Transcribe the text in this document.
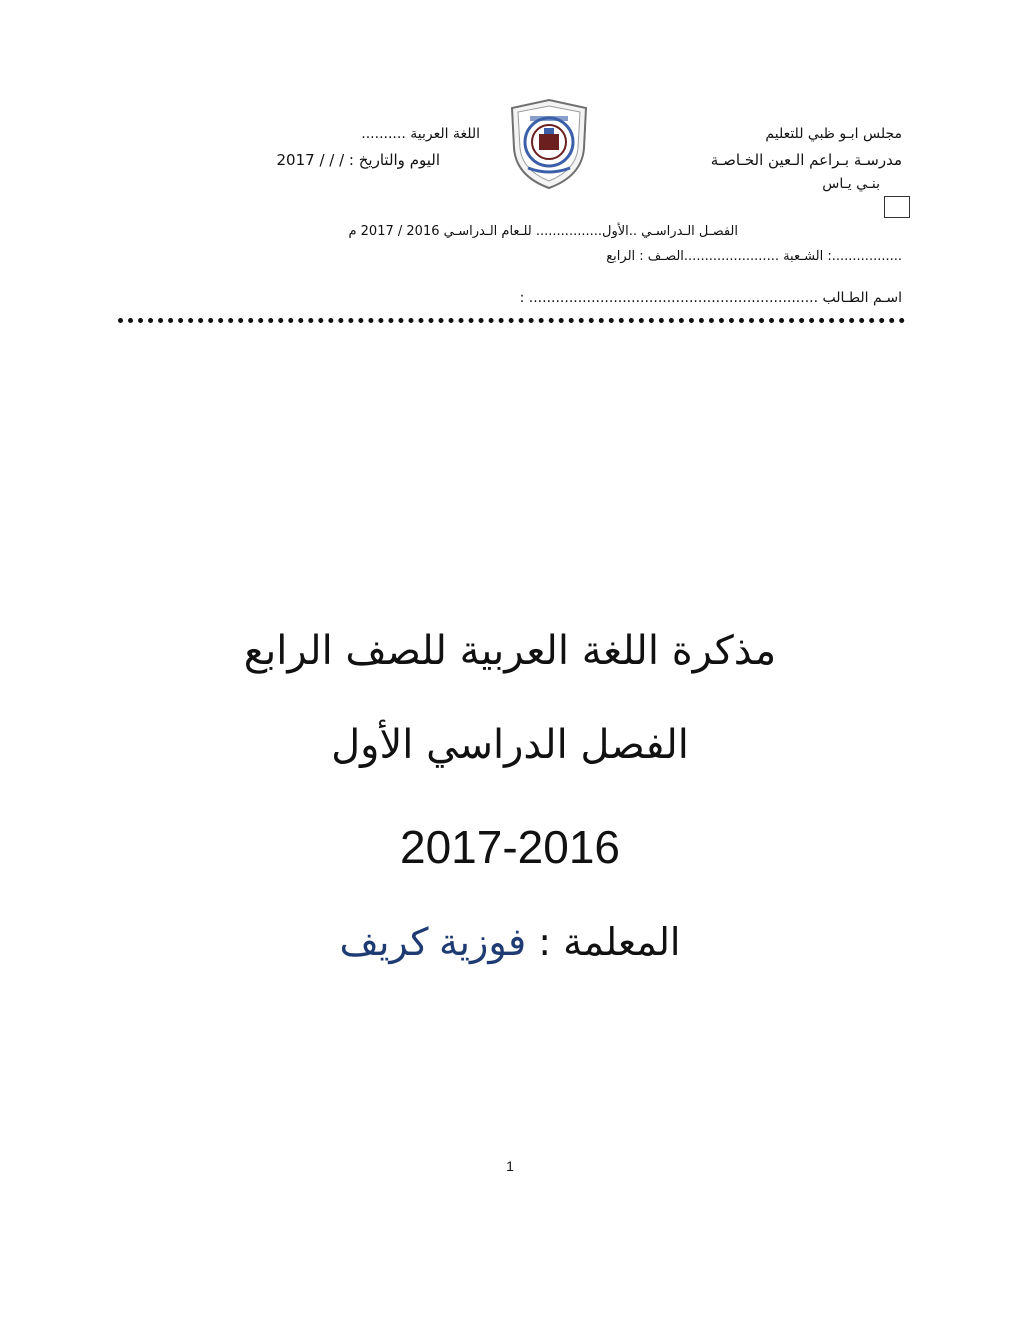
مجلس ابـو ظبي للتعليم
مدرسـة بـراعم الـعين الخـاصـة
بنـي يـاس
اللغة العربية ..........
اليوم والتاريخ : / / / 2017
الفصـل الـدراسـي ..الأول................ للـعام الـدراسـي 2016 / 2017 م
.................: الشـعبة .......................الصـف : الرابع
اسـم الطـالب ................................................................. :
مذكرة اللغة العربية للصف الرابع
الفصل الدراسي الأول
2017-2016
المعلمة : فوزية كريف
1
